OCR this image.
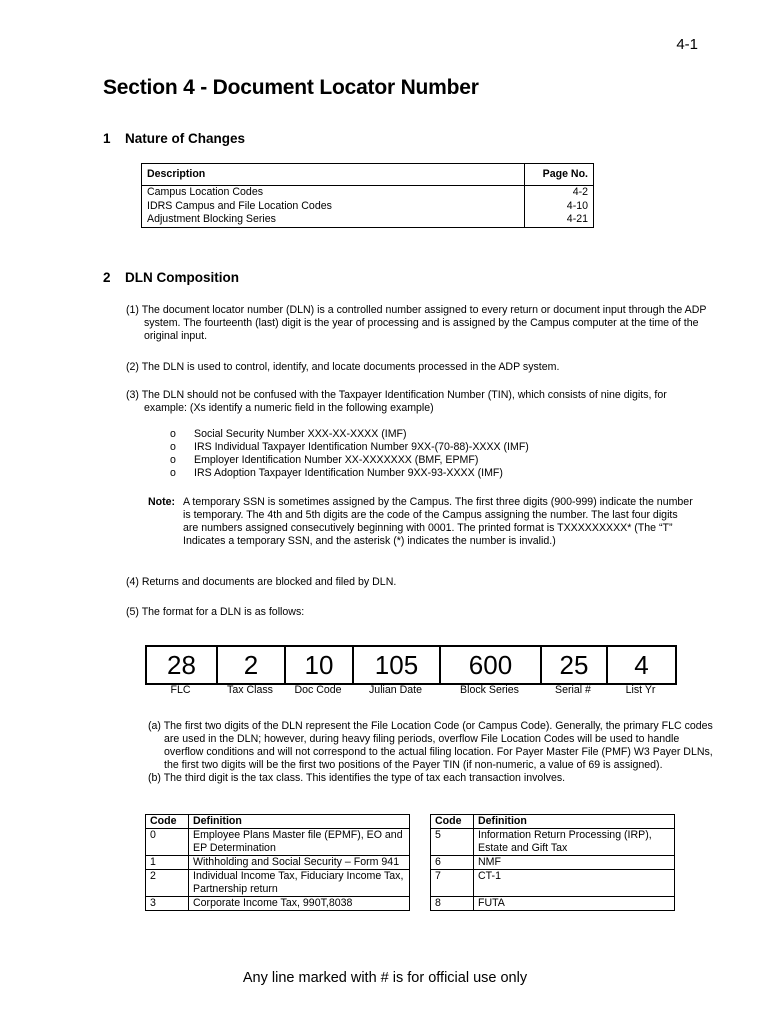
4-1
Section 4 - Document Locator Number
1 Nature of Changes
Description	Page No.
Campus Location Codes	4-2
IDRS Campus and File Location Codes	4-10
Adjustment Blocking Series	4-21
2 DLN Composition
(1) The document locator number (DLN) is a controlled number assigned to every return or document input through the ADP system. The fourteenth (last) digit is the year of processing and is assigned by the Campus computer at the time of the original input.
(2) The DLN is used to control, identify, and locate documents processed in the ADP system.
(3) The DLN should not be confused with the Taxpayer Identification Number (TIN), which consists of nine digits, for example: (Xs identify a numeric field in the following example)
o	Social Security Number XXX-XX-XXXX (IMF)
o	IRS Individual Taxpayer Identification Number 9XX-(70-88)-XXXX (IMF)
o	Employer Identification Number XX-XXXXXXX (BMF, EPMF)
o	IRS Adoption Taxpayer Identification Number 9XX-93-XXXX (IMF)
Note: A temporary SSN is sometimes assigned by the Campus. The first three digits (900-999) indicate the number is temporary. The 4th and 5th digits are the code of the Campus assigning the number. The last four digits are numbers assigned consecutively beginning with 0001. The printed format is TXXXXXXXXX* (The “T” Indicates a temporary SSN, and the asterisk (*) indicates the number is invalid.)
(4) Returns and documents are blocked and filed by DLN.
(5) The format for a DLN is as follows:
28	2	10	105	600	25	4
FLC	Tax Class	Doc Code	Julian Date	Block Series	Serial #	List Yr
(a) The first two digits of the DLN represent the File Location Code (or Campus Code). Generally, the primary FLC codes are used in the DLN; however, during heavy filing periods, overflow File Location Codes will be used to handle overflow conditions and will not correspond to the actual filing location. For Payer Master File (PMF) W3 Payer DLNs, the first two digits will be the first two positions of the Payer TIN (if non-numeric, a value of 69 is assigned).
(b) The third digit is the tax class. This identifies the type of tax each transaction involves.
Code	Definition		Code	Definition
0	Employee Plans Master file (EPMF), EO and EP Determination		5	Information Return Processing (IRP), Estate and Gift Tax
1	Withholding and Social Security – Form 941		6	NMF
2	Individual Income Tax, Fiduciary Income Tax, Partnership return		7	CT-1
3	Corporate Income Tax, 990T,8038		8	FUTA
Any line marked with # is for official use only
